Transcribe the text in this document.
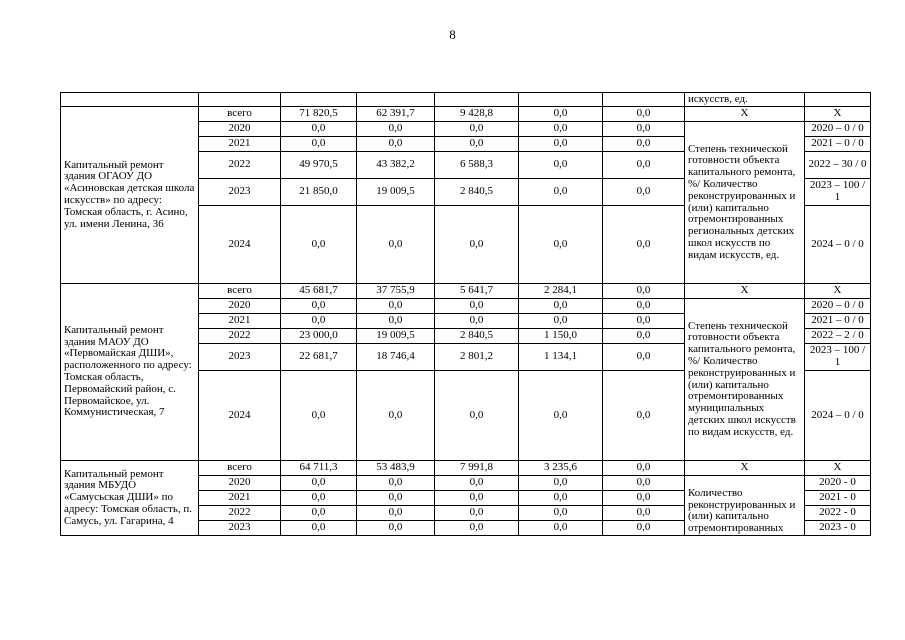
8
							искусств, ед.	
Капитальный ремонт здания ОГАОУ ДО «Асиновская детская школа искусств» по адресу: Томская область, г. Асино, ул. имени Ленина, 36	всего	71 820,5	62 391,7	9 428,8	0,0	0,0	X	X
	2020	0,0	0,0	0,0	0,0	0,0	Степень технической готовности объекта капитального ремонта, %/ Количество реконструированных и (или) капитально отремонтированных региональных детских школ искусств по видам искусств, ед.	2020 – 0 / 0
	2021	0,0	0,0	0,0	0,0	0,0		2021 – 0 / 0
	2022	49 970,5	43 382,2	6 588,3	0,0	0,0		2022 – 30 / 0
	2023	21 850,0	19 009,5	2 840,5	0,0	0,0		2023 – 100 / 1
	2024	0,0	0,0	0,0	0,0	0,0		2024 – 0 / 0
Капитальный ремонт здания МАОУ ДО «Первомайская ДШИ», расположенного по адресу: Томская область, Первомайский район, с. Первомайское, ул. Коммунистическая, 7	всего	45 681,7	37 755,9	5 641,7	2 284,1	0,0	X	X
	2020	0,0	0,0	0,0	0,0	0,0	Степень технической готовности объекта капитального ремонта, %/ Количество реконструированных и (или) капитально отремонтированных муниципальных детских школ искусств по видам искусств, ед.	2020 – 0 / 0
	2021	0,0	0,0	0,0	0,0	0,0		2021 – 0 / 0
	2022	23 000,0	19 009,5	2 840,5	1 150,0	0,0		2022 – 2 / 0
	2023	22 681,7	18 746,4	2 801,2	1 134,1	0,0		2023 – 100 / 1
	2024	0,0	0,0	0,0	0,0	0,0		2024 – 0 / 0
Капитальный ремонт здания МБУДО «Самусьская ДШИ» по адресу: Томская область, п. Самусь, ул. Гагарина, 4	всего	64 711,3	53 483,9	7 991,8	3 235,6	0,0	X	X
	2020	0,0	0,0	0,0	0,0	0,0	Количество реконструированных и (или) капитально отремонтированных	2020 - 0
	2021	0,0	0,0	0,0	0,0	0,0		2021 - 0
	2022	0,0	0,0	0,0	0,0	0,0		2022 - 0
	2023	0,0	0,0	0,0	0,0	0,0		2023 - 0
